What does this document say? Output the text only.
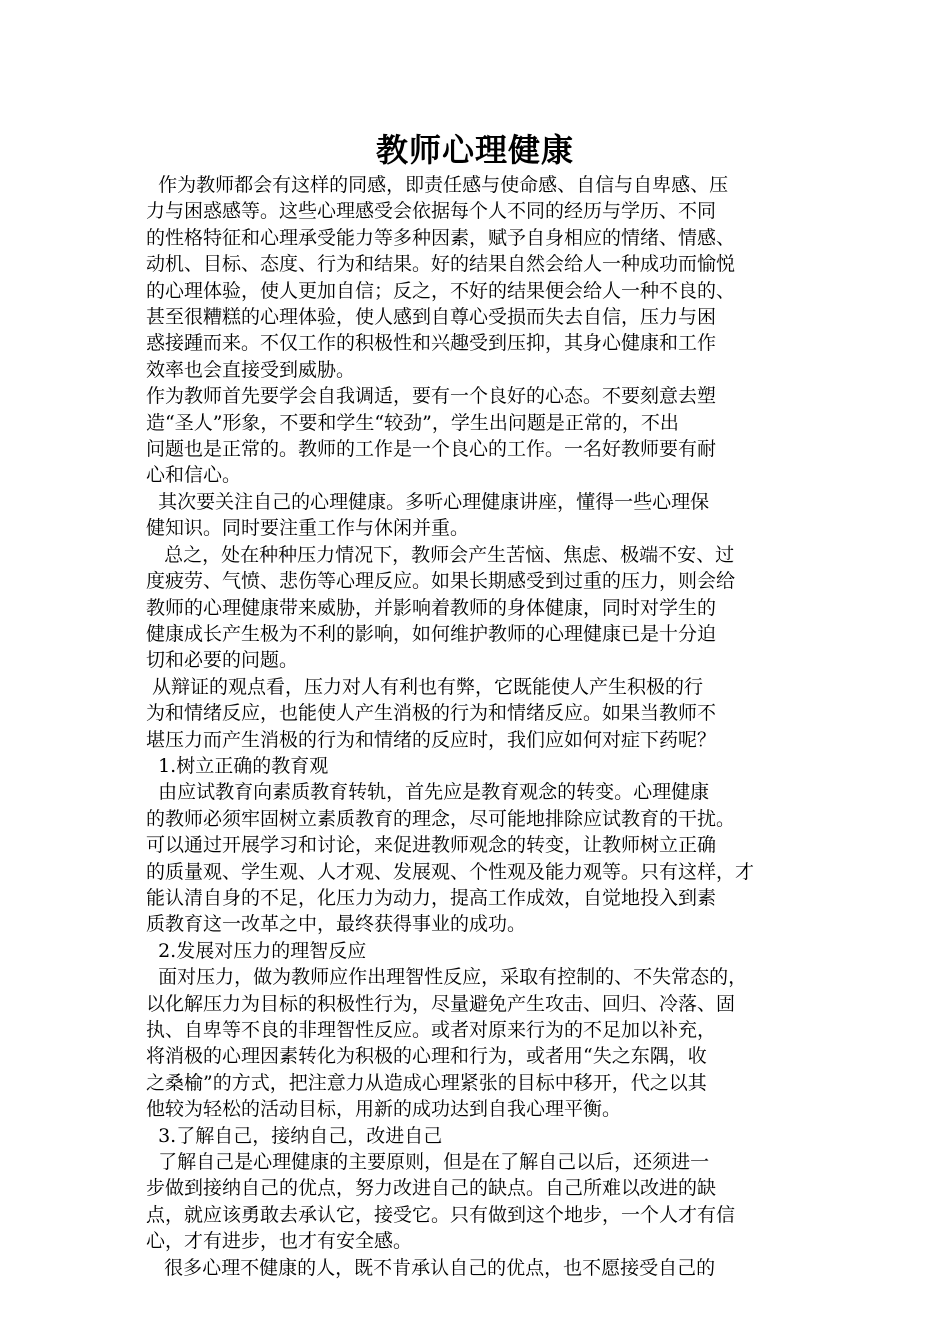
教师心理健康
作为教师都会有这样的同感，即责任感与使命感、自信与自卑感、压
力与困惑感等。这些心理感受会依据每个人不同的经历与学历、不同
的性格特征和心理承受能力等多种因素，赋予自身相应的情绪、情感、
动机、目标、态度、行为和结果。好的结果自然会给人一种成功而愉悦
的心理体验，使人更加自信；反之，不好的结果便会给人一种不良的、
甚至很糟糕的心理体验，使人感到自尊心受损而失去自信，压力与困
惑接踵而来。不仅工作的积极性和兴趣受到压抑，其身心健康和工作
效率也会直接受到威胁。
作为教师首先要学会自我调适，要有一个良好的心态。不要刻意去塑
造“圣人”形象，不要和学生“较劲”，学生出问题是正常的，不出
问题也是正常的。教师的工作是一个良心的工作。一名好教师要有耐
心和信心。
其次要关注自己的心理健康。多听心理健康讲座，懂得一些心理保
健知识。同时要注重工作与休闲并重。
总之，处在种种压力情况下，教师会产生苦恼、焦虑、极端不安、过
度疲劳、气愤、悲伤等心理反应。如果长期感受到过重的压力，则会给
教师的心理健康带来威胁，并影响着教师的身体健康，同时对学生的
健康成长产生极为不利的影响，如何维护教师的心理健康已是十分迫
切和必要的问题。
从辩证的观点看，压力对人有利也有弊，它既能使人产生积极的行
为和情绪反应，也能使人产生消极的行为和情绪反应。如果当教师不
堪压力而产生消极的行为和情绪的反应时，我们应如何对症下药呢？
1.树立正确的教育观
由应试教育向素质教育转轨，首先应是教育观念的转变。心理健康
的教师必须牢固树立素质教育的理念，尽可能地排除应试教育的干扰。
可以通过开展学习和讨论，来促进教师观念的转变，让教师树立正确
的质量观、学生观、人才观、发展观、个性观及能力观等。只有这样，才
能认清自身的不足，化压力为动力，提高工作成效，自觉地投入到素
质教育这一改革之中，最终获得事业的成功。
2.发展对压力的理智反应
面对压力，做为教师应作出理智性反应，采取有控制的、不失常态的，
以化解压力为目标的积极性行为，尽量避免产生攻击、回归、冷落、固
执、自卑等不良的非理智性反应。或者对原来行为的不足加以补充，
将消极的心理因素转化为积极的心理和行为，或者用“失之东隅，收
之桑榆”的方式，把注意力从造成心理紧张的目标中移开，代之以其
他较为轻松的活动目标，用新的成功达到自我心理平衡。
3.了解自己，接纳自己，改进自己
了解自己是心理健康的主要原则，但是在了解自己以后，还须进一
步做到接纳自己的优点，努力改进自己的缺点。自己所难以改进的缺
点，就应该勇敢去承认它，接受它。只有做到这个地步，一个人才有信
心，才有进步，也才有安全感。
很多心理不健康的人，既不肯承认自己的优点，也不愿接受自己的
